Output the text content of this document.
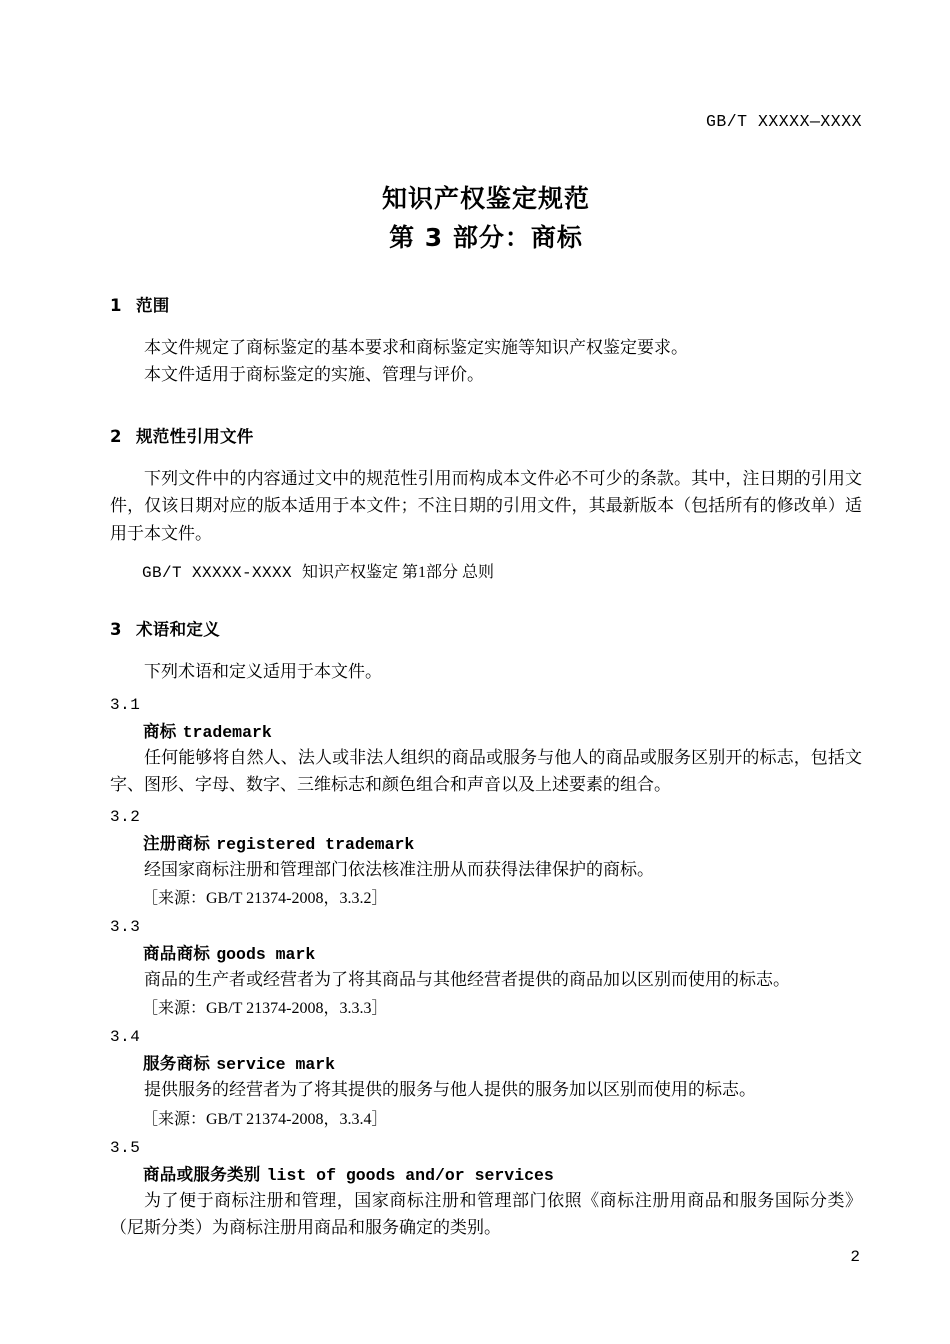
GB/T XXXXX—XXXX
知识产权鉴定规范
第 3 部分：商标
1 范围

本文件规定了商标鉴定的基本要求和商标鉴定实施等知识产权鉴定要求。

本文件适用于商标鉴定的实施、管理与评价。

2 规范性引用文件

下列文件中的内容通过文中的规范性引用而构成本文件必不可少的条款。其中，注日期的引用文件，仅该日期对应的版本适用于本文件；不注日期的引用文件，其最新版本（包括所有的修改单）适用于本文件。

GB/T XXXXX-XXXX 知识产权鉴定 第1部分 总则

3 术语和定义

下列术语和定义适用于本文件。

3.1

商标 trademark

任何能够将自然人、法人或非法人组织的商品或服务与他人的商品或服务区别开的标志，包括文字、图形、字母、数字、三维标志和颜色组合和声音以及上述要素的组合。

3.2

注册商标 registered trademark

经国家商标注册和管理部门依法核准注册从而获得法律保护的商标。

［来源：GB/T 21374-2008，3.3.2］

3.3

商品商标 goods mark

商品的生产者或经营者为了将其商品与其他经营者提供的商品加以区别而使用的标志。

［来源：GB/T 21374-2008，3.3.3］

3.4

服务商标 service mark

提供服务的经营者为了将其提供的服务与他人提供的服务加以区别而使用的标志。

［来源：GB/T 21374-2008，3.3.4］

3.5

商品或服务类别 list of goods and/or services

为了便于商标注册和管理，国家商标注册和管理部门依照《商标注册用商品和服务国际分类》（尼斯分类）为商标注册用商品和服务确定的类别。

2
